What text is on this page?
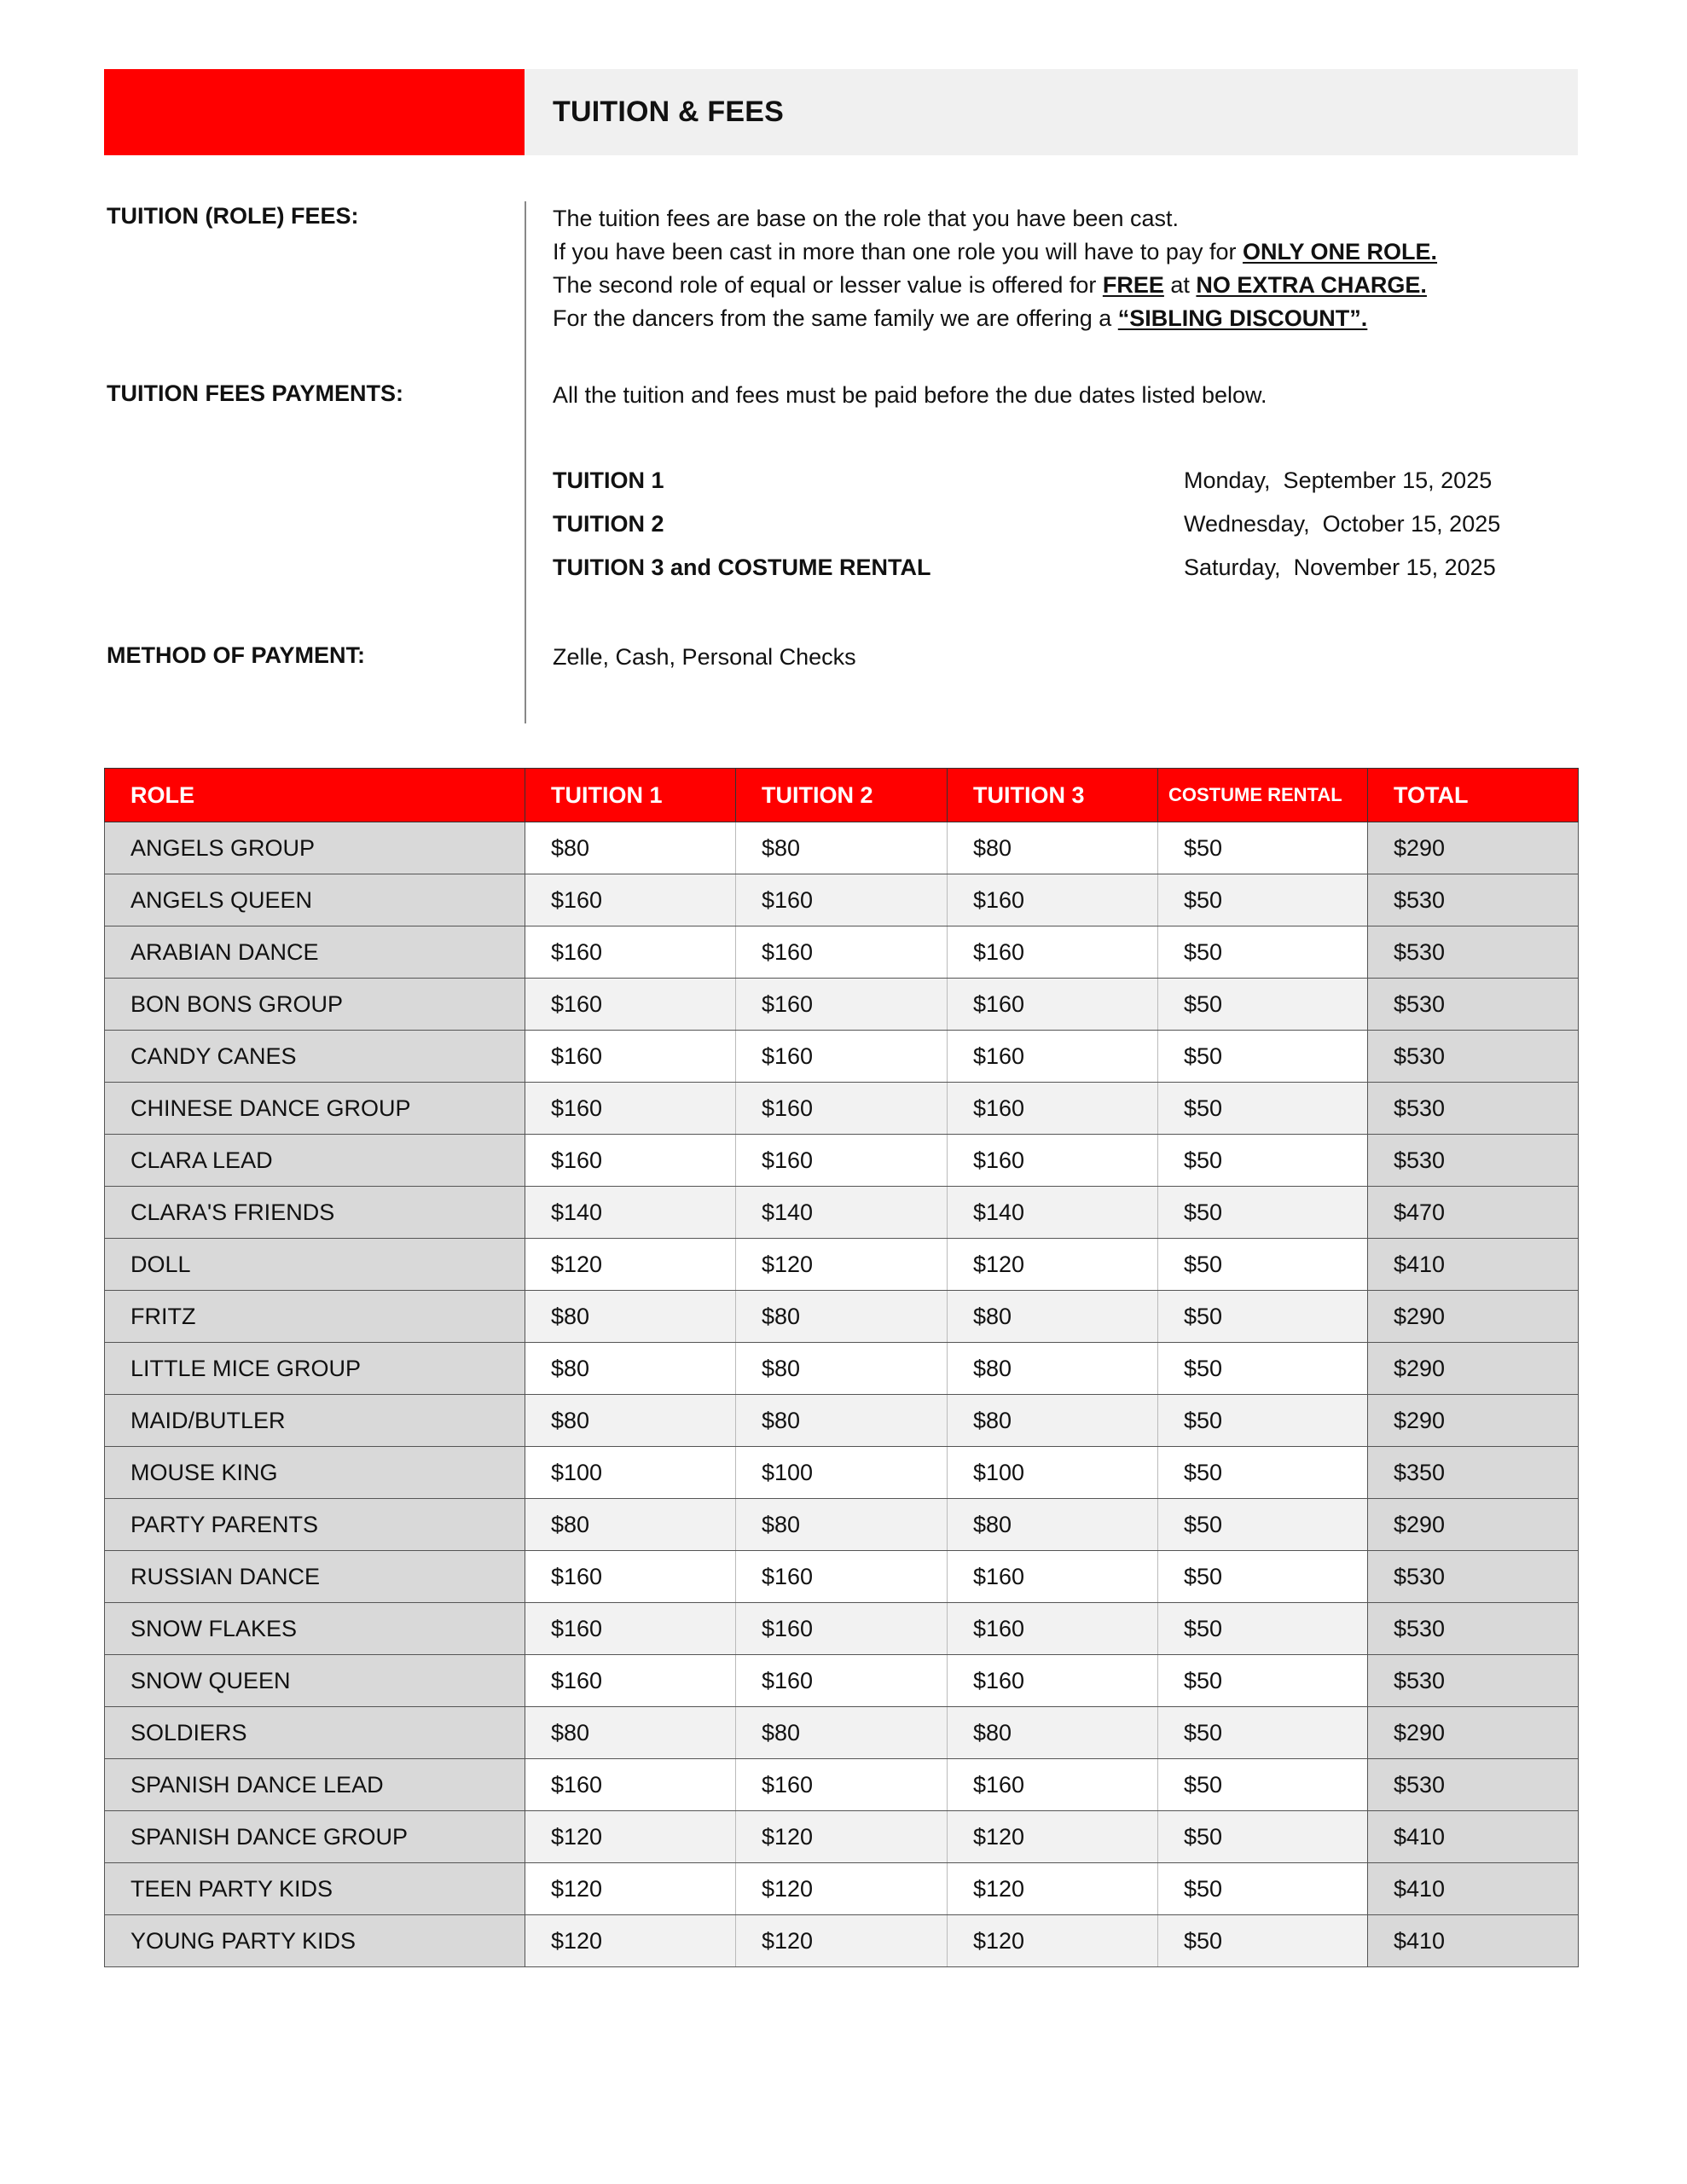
TUITION & FEES
TUITION (ROLE) FEES:	The tuition fees are base on the role that you have been cast.
If you have been cast in more than one role you will have to pay for ONLY ONE ROLE.
The second role of equal or lesser value is offered for FREE at NO EXTRA CHARGE.
For the dancers from the same family we are offering a “SIBLING DISCOUNT”.
TUITION FEES PAYMENTS:	All the tuition and fees must be paid before the due dates listed below.
TUITION 1	Monday,  September 15, 2025
TUITION 2	Wednesday,  October 15, 2025
TUITION 3 and COSTUME RENTAL	Saturday,  November 15, 2025
METHOD OF PAYMENT:	Zelle, Cash, Personal Checks
ROLE	TUITION 1	TUITION 2	TUITION 3	COSTUME RENTAL	TOTAL
ANGELS GROUP	$80	$80	$80	$50	$290
ANGELS QUEEN	$160	$160	$160	$50	$530
ARABIAN DANCE	$160	$160	$160	$50	$530
BON BONS GROUP	$160	$160	$160	$50	$530
CANDY CANES	$160	$160	$160	$50	$530
CHINESE DANCE GROUP	$160	$160	$160	$50	$530
CLARA LEAD	$160	$160	$160	$50	$530
CLARA'S FRIENDS	$140	$140	$140	$50	$470
DOLL	$120	$120	$120	$50	$410
FRITZ	$80	$80	$80	$50	$290
LITTLE MICE GROUP	$80	$80	$80	$50	$290
MAID/BUTLER	$80	$80	$80	$50	$290
MOUSE KING	$100	$100	$100	$50	$350
PARTY PARENTS	$80	$80	$80	$50	$290
RUSSIAN DANCE	$160	$160	$160	$50	$530
SNOW FLAKES	$160	$160	$160	$50	$530
SNOW QUEEN	$160	$160	$160	$50	$530
SOLDIERS	$80	$80	$80	$50	$290
SPANISH DANCE LEAD	$160	$160	$160	$50	$530
SPANISH DANCE GROUP	$120	$120	$120	$50	$410
TEEN PARTY KIDS	$120	$120	$120	$50	$410
YOUNG PARTY KIDS	$120	$120	$120	$50	$410
